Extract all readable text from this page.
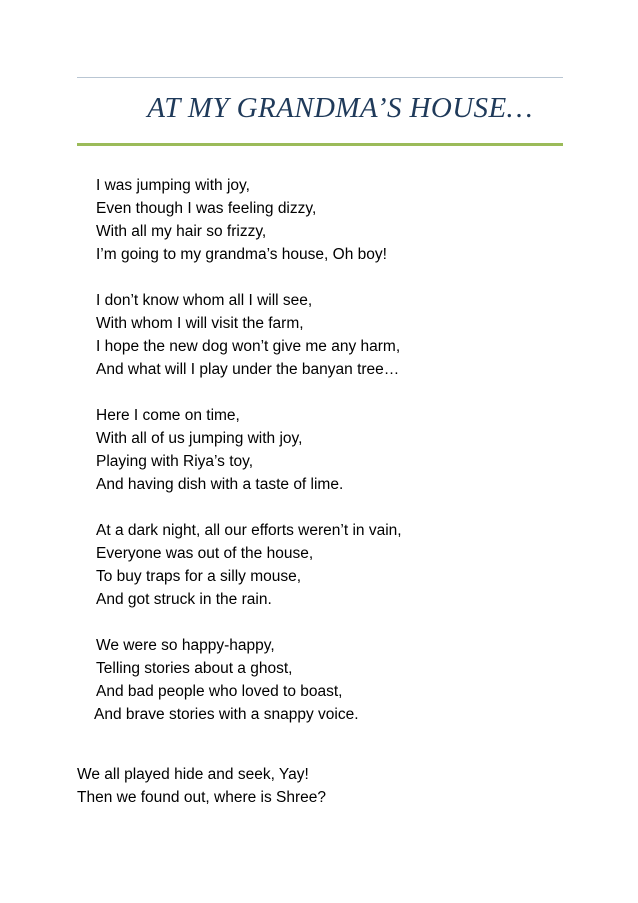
AT MY GRANDMA’S HOUSE…
I was jumping with joy,
Even though I was feeling dizzy,
With all my hair so frizzy,
I’m going to my grandma’s house, Oh boy!
I don’t know whom all I will see,
With whom I will visit the farm,
I hope the new dog won’t give me any harm,
And what will I play under the banyan tree…
Here I come on time,
With all of us jumping with joy,
Playing with Riya’s toy,
And having dish with a taste of lime.
At a dark night, all our efforts weren’t in vain,
Everyone was out of the house,
To buy traps for a silly mouse,
And got struck in the rain.
We were so happy-happy,
Telling stories about a ghost,
And bad people who loved to boast,
And brave stories with a snappy voice.
We all played hide and seek, Yay!
Then we found out, where is Shree?
